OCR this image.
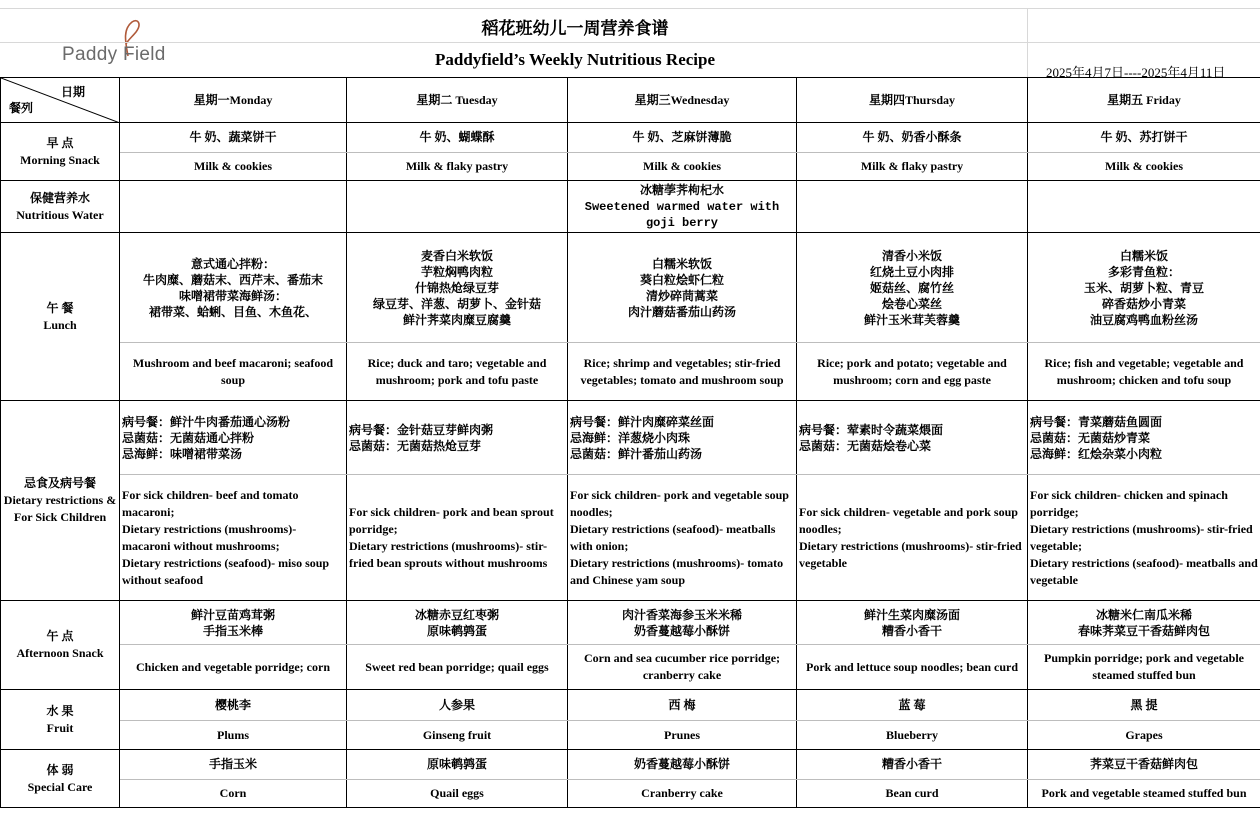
Paddy Field
稻花班幼儿一周营养食谱
Paddyfield’s Weekly Nutritious Recipe
2025年4月7日----2025年4月11日
日期
餐列	星期一Monday	星期二 Tuesday	星期三Wednesday	星期四Thursday	星期五 Friday

早 点
Morning Snack	牛 奶、蔬菜饼干	牛 奶、蝴蝶酥	牛 奶、芝麻饼薄脆	牛 奶、奶香小酥条	牛 奶、苏打饼干
	Milk & cookies	Milk & flaky pastry	Milk & cookies	Milk & flaky pastry	Milk & cookies

保健营养水
Nutritious Water			冰糖荸荠枸杞水
Sweetened warmed water with goji berry		

午 餐
Lunch	意式通心拌粉：
牛肉糜、蘑菇末、西芹末、番茄末
味噌裙带菜海鲜汤：
裙带菜、蛤蜊、目鱼、木鱼花、	麦香白米软饭
芋粒焖鸭肉粒
什锦热炝绿豆芽
绿豆芽、洋葱、胡萝卜、金针菇
鲜汁荠菜肉糜豆腐羹	白糯米软饭
葵白粒烩虾仁粒
清炒碎茼蒿菜
肉汁蘑菇番茄山药汤	清香小米饭
红烧土豆小肉排
姬菇丝、腐竹丝
烩卷心菜丝
鲜汁玉米茸芙蓉羹	白糯米饭
多彩青鱼粒：
玉米、胡萝卜粒、青豆
碎香菇炒小青菜
油豆腐鸡鸭血粉丝汤

	Mushroom and beef macaroni; seafood soup	Rice; duck and taro; vegetable and mushroom; pork and tofu paste	Rice; shrimp and vegetables; stir-fried vegetables; tomato and mushroom soup	Rice; pork and potato; vegetable and mushroom; corn and egg paste	Rice; fish and vegetable; vegetable and mushroom; chicken and tofu soup

忌食及病号餐
Dietary restrictions & For Sick Children	病号餐：鲜汁牛肉番茄通心汤粉
忌菌菇：无菌菇通心拌粉
忌海鲜：味噌裙带菜汤	病号餐：金针菇豆芽鲜肉粥
忌菌菇：无菌菇热炝豆芽	病号餐：鲜汁肉糜碎菜丝面
忌海鲜：洋葱烧小肉珠
忌菌菇：鲜汁番茄山药汤	病号餐：荤素时令蔬菜煨面
忌菌菇：无菌菇烩卷心菜	病号餐：青菜蘑菇鱼圆面
忌菌菇：无菌菇炒青菜
忌海鲜：红烩杂菜小肉粒

	For sick children- beef and tomato macaroni;
Dietary restrictions (mushrooms)- macaroni without mushrooms;
Dietary restrictions (seafood)- miso soup without seafood	For sick children- pork and bean sprout porridge;
Dietary restrictions (mushrooms)- stir-fried bean sprouts without mushrooms	For sick children- pork and vegetable soup noodles;
Dietary restrictions (seafood)- meatballs with onion;
Dietary restrictions (mushrooms)- tomato and Chinese yam soup	For sick children- vegetable and pork soup noodles;
Dietary restrictions (mushrooms)- stir-fried vegetable	For sick children- chicken and spinach porridge;
Dietary restrictions (mushrooms)- stir-fried vegetable;
Dietary restrictions (seafood)- meatballs and vegetable

午 点
Afternoon Snack	鲜汁豆苗鸡茸粥
手指玉米棒	冰糖赤豆红枣粥
原味鹌鹑蛋	肉汁香菜海参玉米米稀
奶香蔓越莓小酥饼	鲜汁生菜肉糜汤面
糟香小香干	冰糖米仁南瓜米稀
春味荠菜豆干香菇鲜肉包

	Chicken and vegetable porridge; corn	Sweet red bean porridge; quail eggs	Corn and sea cucumber rice porridge; cranberry cake	Pork and lettuce soup noodles; bean curd	Pumpkin porridge; pork and vegetable steamed stuffed bun

水 果
Fruit	樱桃李	人参果	西 梅	蓝 莓	黑 提
	Plums	Ginseng fruit	Prunes	Blueberry	Grapes

体 弱
Special Care	手指玉米	原味鹌鹑蛋	奶香蔓越莓小酥饼	糟香小香干	荠菜豆干香菇鲜肉包
	Corn	Quail eggs	Cranberry cake	Bean curd	Pork and vegetable steamed stuffed bun
